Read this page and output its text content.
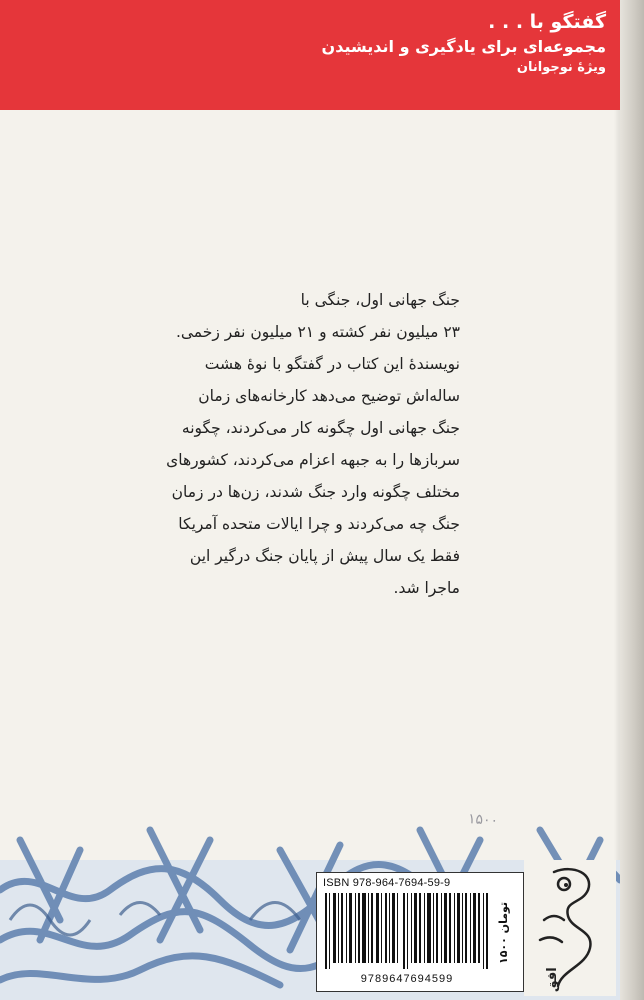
گفتگو با . . .
مجموعه‌ای برای یادگیری و اندیشیدن
ویژهٔ نوجوانان

جنگ جهانی اول، جنگی با

۲۳ میلیون نفر کشته و ۲۱ میلیون نفر زخمی.

نویسندهٔ این کتاب در گفتگو با نوهٔ هشت

ساله‌اش توضیح می‌دهد کارخانه‌های زمان

جنگ جهانی اول چگونه کار می‌کردند، چگونه

سربازها را به جبهه اعزام می‌کردند، کشورهای

مختلف چگونه وارد جنگ شدند، زن‌ها در زمان

جنگ چه می‌کردند و چرا ایالات متحده آمریکا

فقط یک سال پیش از پایان جنگ درگیر این

ماجرا شد.

۱۵۰۰
ISBN 978-964-7694-59-9
9789647694599
۱۵۰۰ تومان
افق
